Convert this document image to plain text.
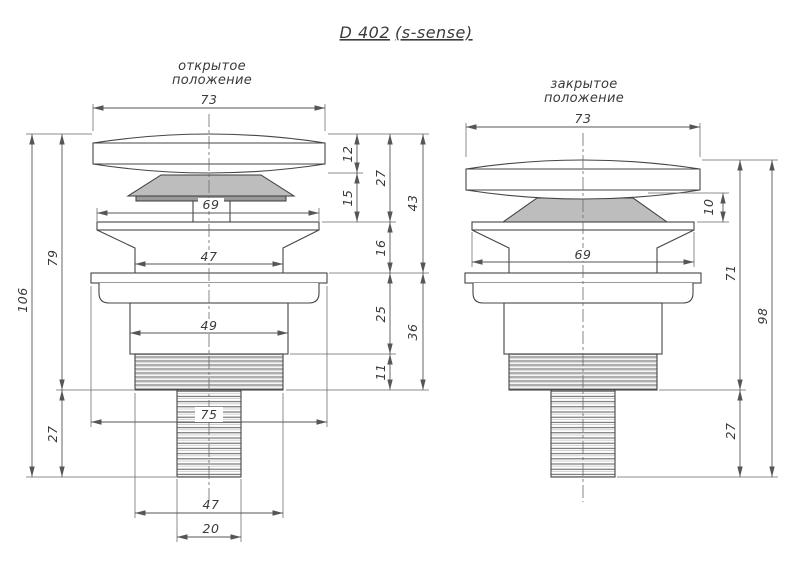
D 402 (s-sense)
открытое
положение
73
69
47
49
75
47
20
106
79
27
12
15
27
16
25
11
43
36
закрытое
положение
73
69
10
71
27
98
